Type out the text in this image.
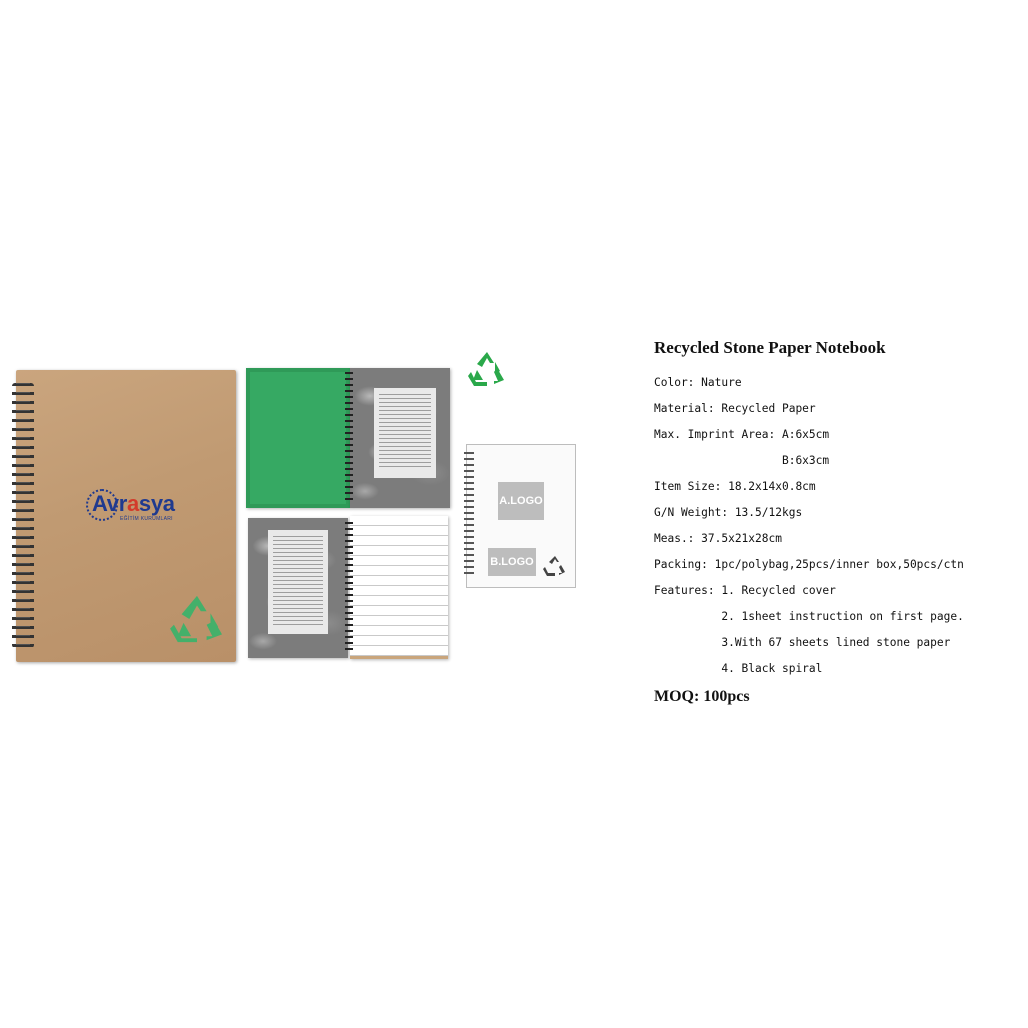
Avrasya
EĞİTİM KURUMLARI
A.LOGO
B.LOGO
Recycled Stone Paper Notebook
Color: Nature
Material: Recycled Paper
Max. Imprint Area: A:6x5cm
B:6x3cm
Item Size: 18.2x14x0.8cm
G/N Weight: 13.5/12kgs
Meas.: 37.5x21x28cm
Packing: 1pc/polybag,25pcs/inner box,50pcs/ctn
Features: 1. Recycled cover
2. 1sheet instruction on first page.
3.With 67 sheets lined stone paper
4. Black spiral
MOQ: 100pcs
